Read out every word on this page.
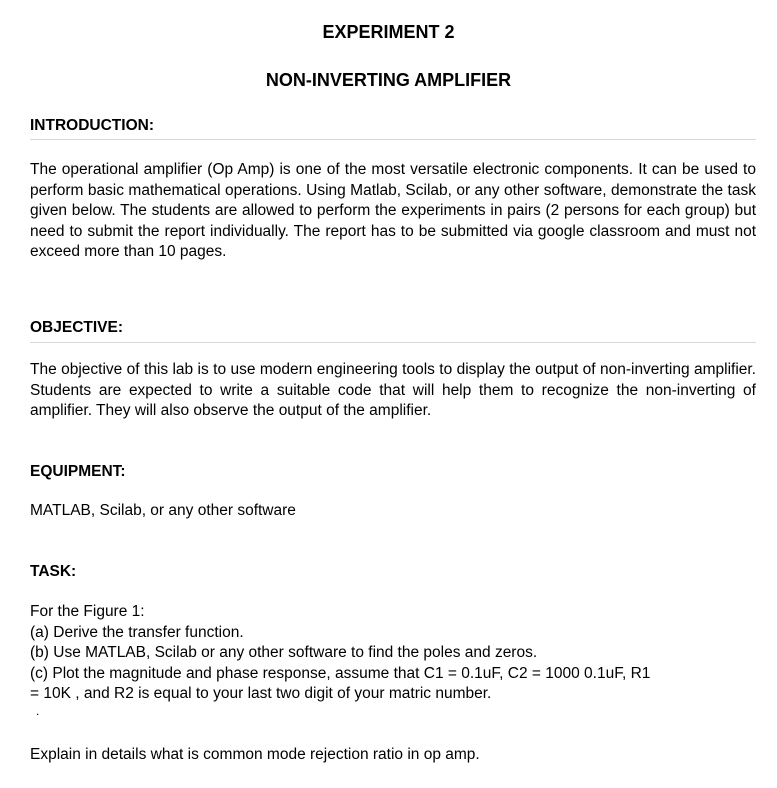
EXPERIMENT 2
NON-INVERTING AMPLIFIER
INTRODUCTION:
The operational amplifier (Op Amp) is one of the most versatile electronic components. It can be used to perform basic mathematical operations. Using Matlab, Scilab, or any other software, demonstrate the task given below. The students are allowed to perform the experiments in pairs (2 persons for each group) but need to submit the report individually. The report has to be submitted via google classroom and must not exceed more than 10 pages.
OBJECTIVE:
The objective of this lab is to use modern engineering tools to display the output of non-inverting amplifier. Students are expected to write a suitable code that will help them to recognize the non-inverting of amplifier. They will also observe the output of the amplifier.
EQUIPMENT:
MATLAB, Scilab, or any other software
TASK:
For the Figure 1:
(a) Derive the transfer function.
(b) Use MATLAB, Scilab or any other software to find the poles and zeros.
(c) Plot the magnitude and phase response, assume that C1 = 0.1uF, C2 = 1000 0.1uF, R1
= 10K , and R2 is equal to your last two digit of your matric number.
.
Explain in details what is common mode rejection ratio in op amp.
